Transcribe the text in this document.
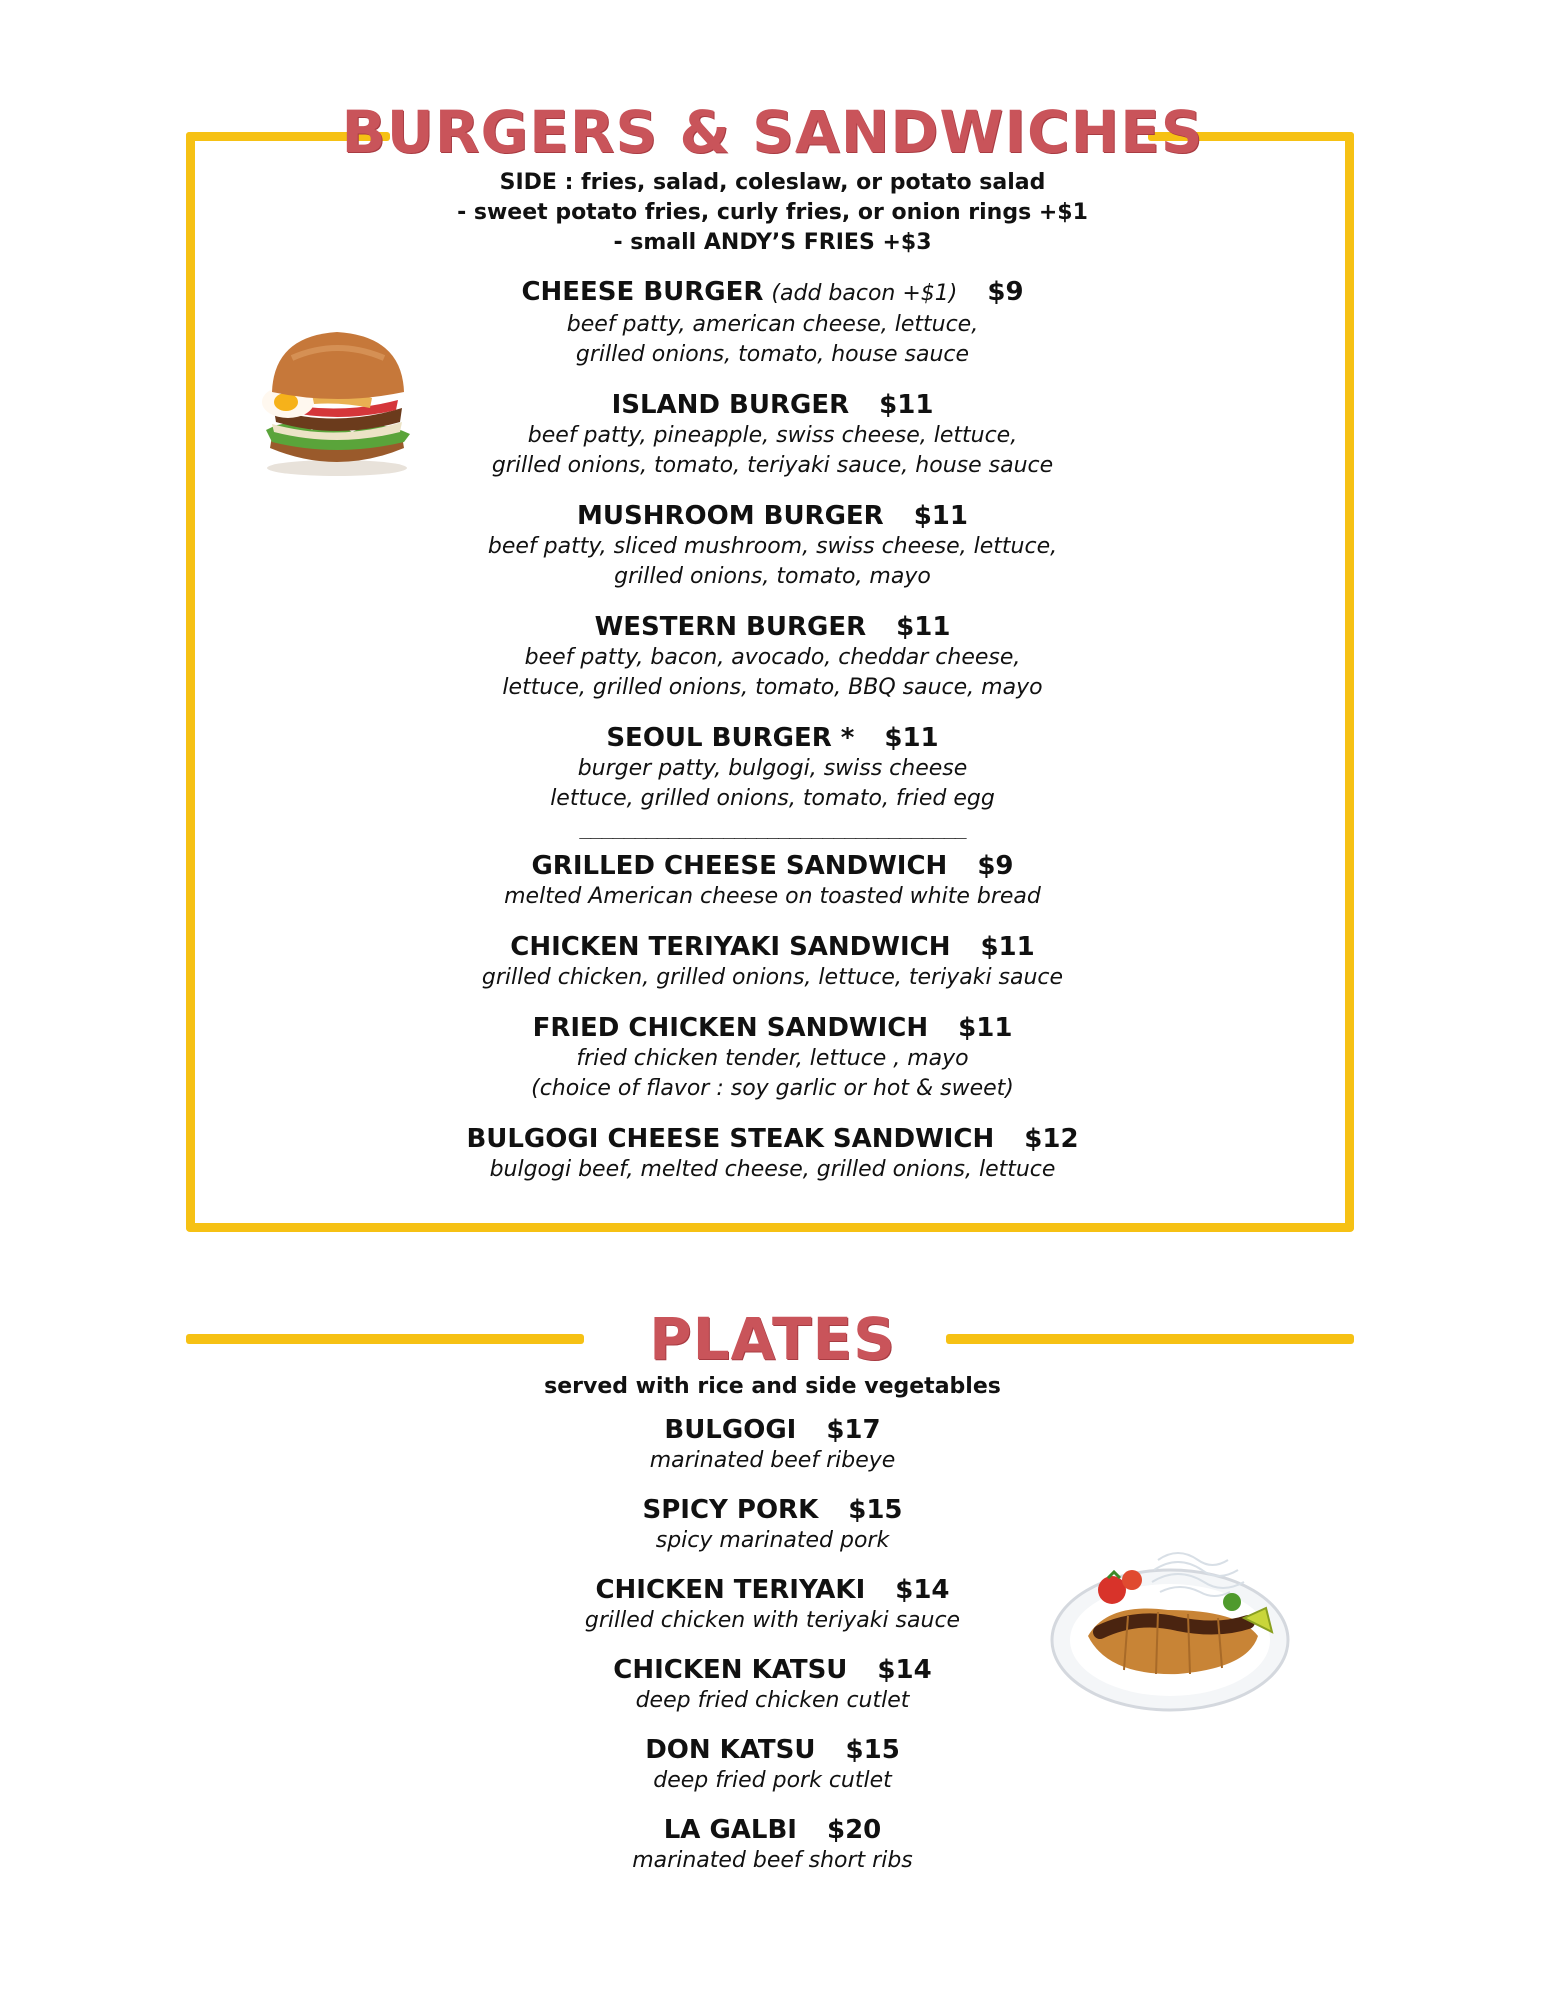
BURGERS & SANDWICHES
SIDE : fries, salad, coleslaw, or potato salad
- sweet potato fries, curly fries, or onion rings +$1
- small ANDY’S FRIES +$3
CHEESE BURGER (add bacon +$1) $9
beef patty, american cheese, lettuce,
grilled onions, tomato, house sauce
ISLAND BURGER $11
beef patty, pineapple, swiss cheese, lettuce,
grilled onions, tomato, teriyaki sauce, house sauce
MUSHROOM BURGER $11
beef patty, sliced mushroom, swiss cheese, lettuce,
grilled onions, tomato, mayo
WESTERN BURGER $11
beef patty, bacon, avocado, cheddar cheese,
lettuce, grilled onions, tomato, BBQ sauce, mayo
SEOUL BURGER * $11
burger patty, bulgogi, swiss cheese
lettuce, grilled onions, tomato, fried egg
___________________________________
GRILLED CHEESE SANDWICH $9
melted American cheese on toasted white bread
CHICKEN TERIYAKI SANDWICH $11
grilled chicken, grilled onions, lettuce, teriyaki sauce
FRIED CHICKEN SANDWICH $11
fried chicken tender, lettuce , mayo
(choice of flavor : soy garlic or hot & sweet)
BULGOGI CHEESE STEAK SANDWICH $12
bulgogi beef, melted cheese, grilled onions, lettuce
PLATES
served with rice and side vegetables
BULGOGI $17
marinated beef ribeye
SPICY PORK $15
spicy marinated pork
CHICKEN TERIYAKI $14
grilled chicken with teriyaki sauce
CHICKEN KATSU $14
deep fried chicken cutlet
DON KATSU $15
deep fried pork cutlet
LA GALBI $20
marinated beef short ribs
